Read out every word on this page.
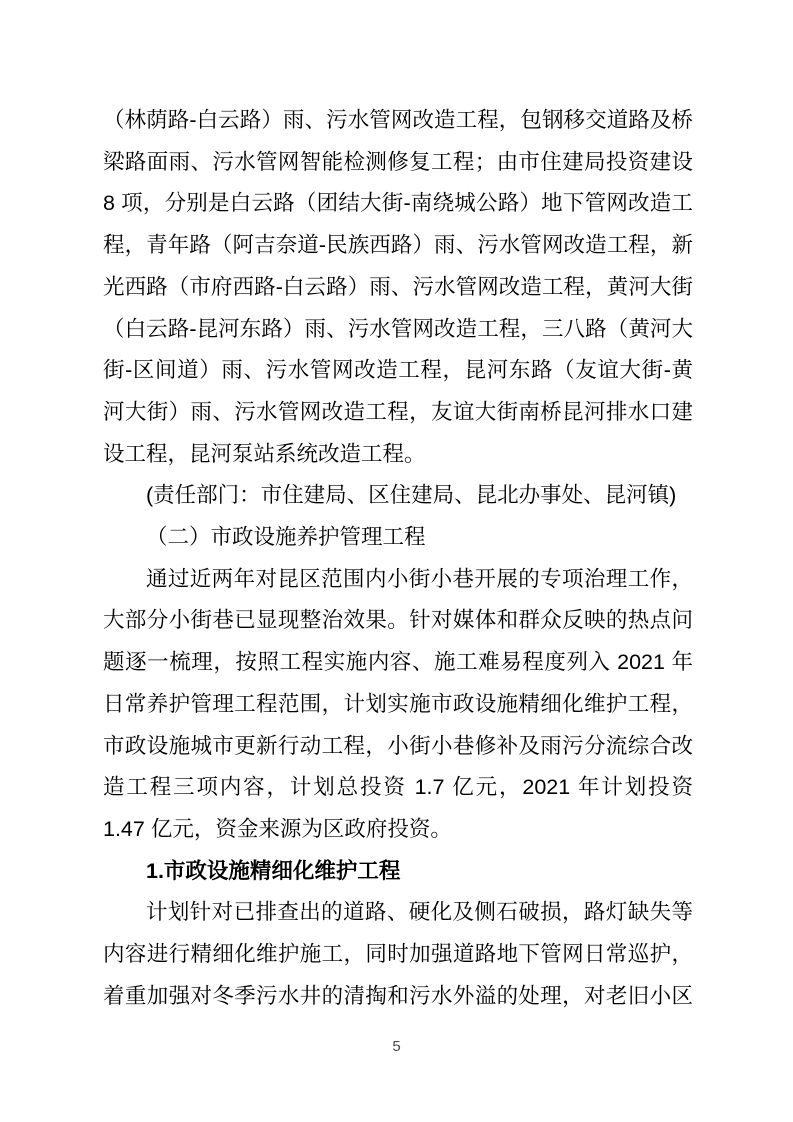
（林荫路-白云路）雨、污水管网改造工程，包钢移交道路及桥梁路面雨、污水管网智能检测修复工程；由市住建局投资建设 8 项，分别是白云路（团结大街-南绕城公路）地下管网改造工程，青年路（阿吉奈道-民族西路）雨、污水管网改造工程，新光西路（市府西路-白云路）雨、污水管网改造工程，黄河大街（白云路-昆河东路）雨、污水管网改造工程，三八路（黄河大街-区间道）雨、污水管网改造工程，昆河东路（友谊大街-黄河大街）雨、污水管网改造工程，友谊大街南桥昆河排水口建设工程，昆河泵站系统改造工程。

(责任部门：市住建局、区住建局、昆北办事处、昆河镇)

（二）市政设施养护管理工程

通过近两年对昆区范围内小街小巷开展的专项治理工作，大部分小街巷已显现整治效果。针对媒体和群众反映的热点问题逐一梳理，按照工程实施内容、施工难易程度列入 2021 年日常养护管理工程范围，计划实施市政设施精细化维护工程，市政设施城市更新行动工程，小街小巷修补及雨污分流综合改造工程三项内容，计划总投资 1.7 亿元，2021 年计划投资 1.47 亿元，资金来源为区政府投资。

1.市政设施精细化维护工程

计划针对已排查出的道路、硬化及侧石破损，路灯缺失等内容进行精细化维护施工，同时加强道路地下管网日常巡护，着重加强对冬季污水井的清掏和污水外溢的处理，对老旧小区

5
